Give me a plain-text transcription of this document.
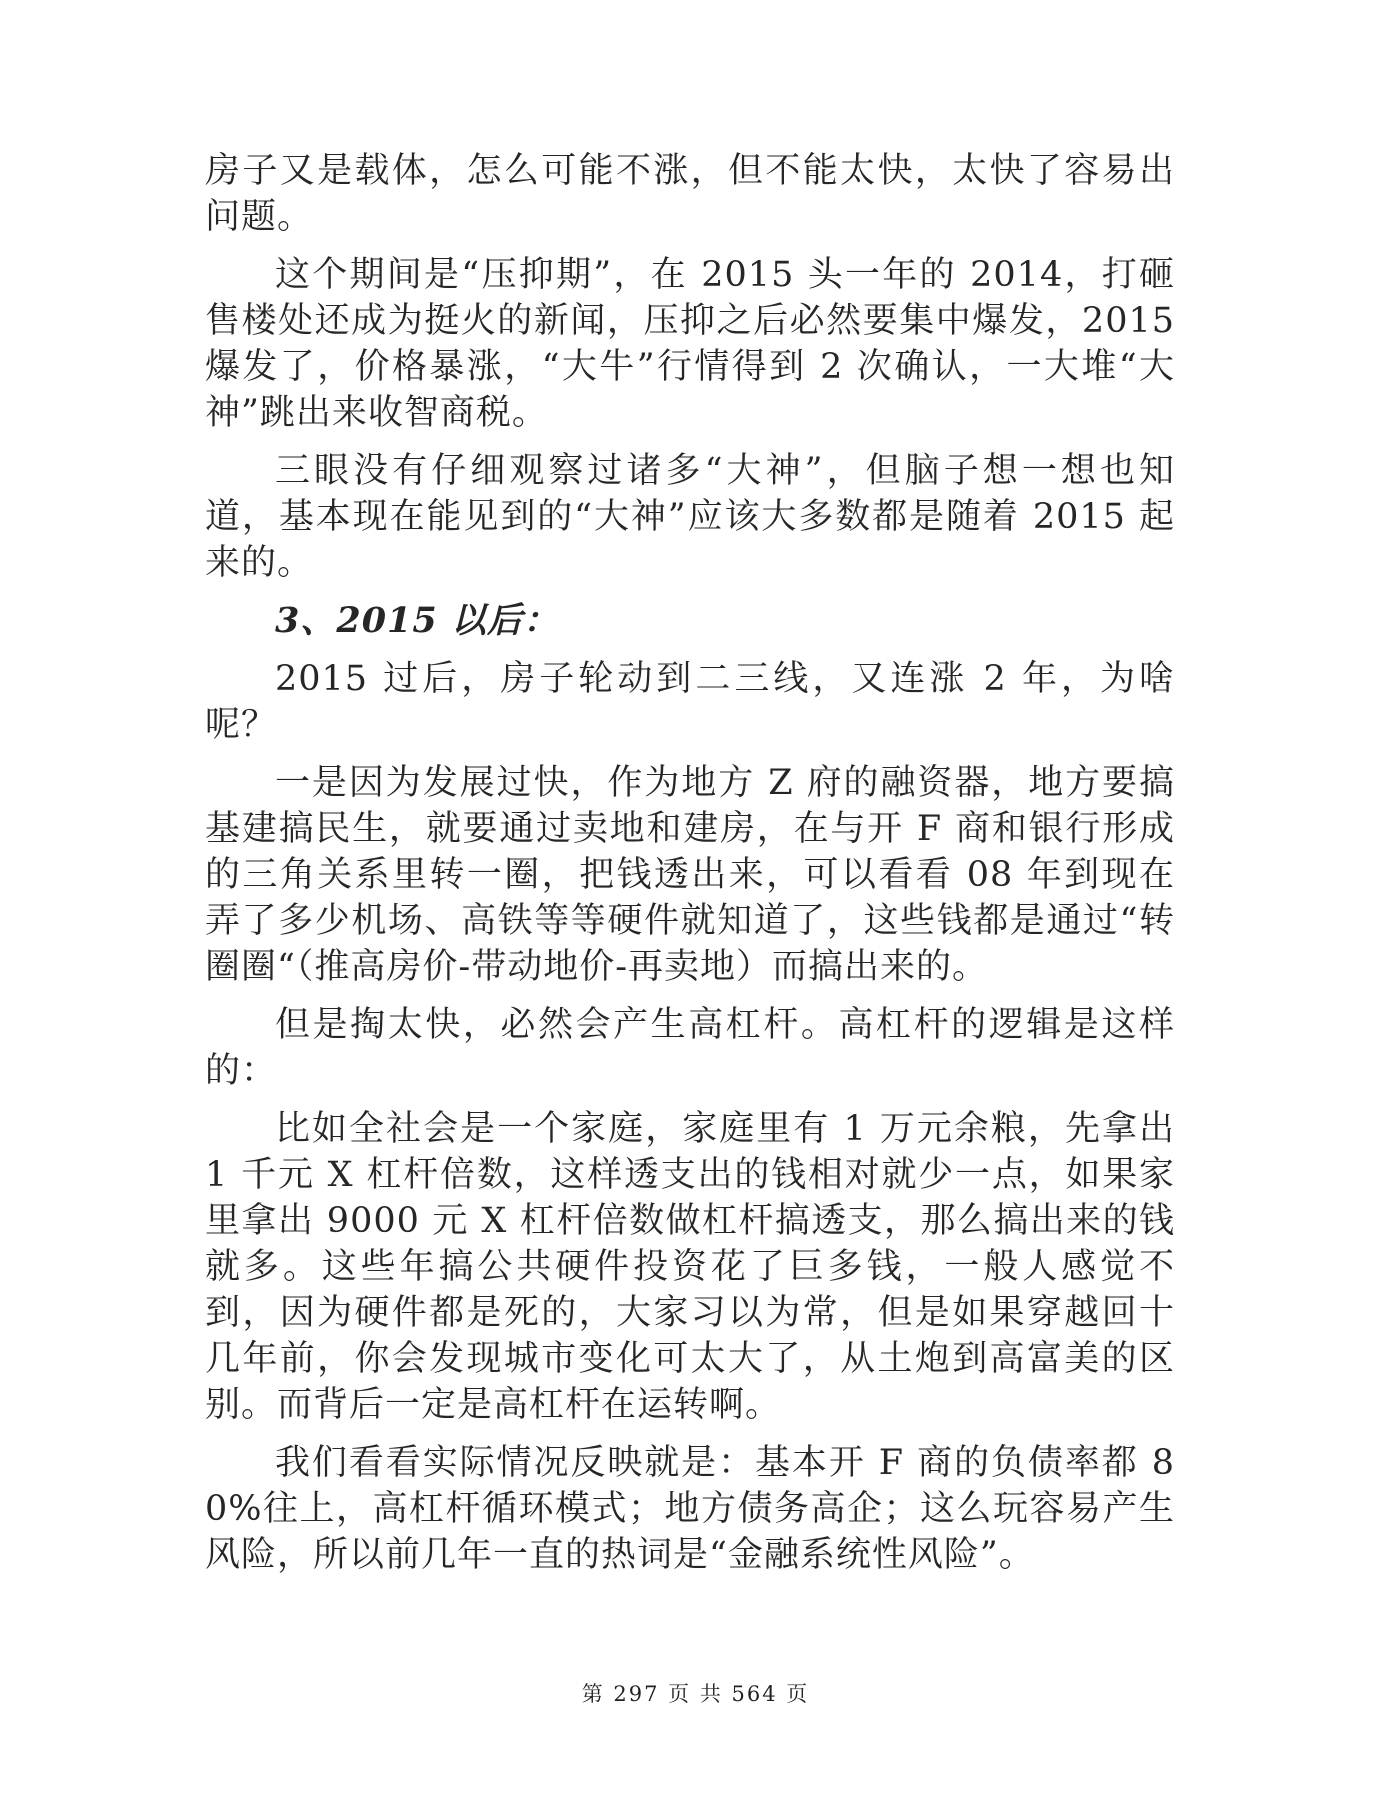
房子又是载体，怎么可能不涨，但不能太快，太快了容易出问题。

这个期间是“压抑期”，在 2015 头一年的 2014，打砸售楼处还成为挺火的新闻，压抑之后必然要集中爆发，2015 爆发了，价格暴涨，“大牛”行情得到 2 次确认，一大堆“大神”跳出来收智商税。

三眼没有仔细观察过诸多“大神”，但脑子想一想也知道，基本现在能见到的“大神”应该大多数都是随着 2015 起来的。

3、2015 以后：

2015 过后，房子轮动到二三线，又连涨 2 年，为啥呢？

一是因为发展过快，作为地方 Z 府的融资器，地方要搞基建搞民生，就要通过卖地和建房，在与开 F 商和银行形成的三角关系里转一圈，把钱透出来，可以看看 08 年到现在弄了多少机场、高铁等等硬件就知道了，这些钱都是通过“转圈圈“（推高房价-带动地价-再卖地）而搞出来的。

但是掏太快，必然会产生高杠杆。高杠杆的逻辑是这样的：

比如全社会是一个家庭，家庭里有 1 万元余粮，先拿出 1 千元 X 杠杆倍数，这样透支出的钱相对就少一点，如果家里拿出 9000 元 X 杠杆倍数做杠杆搞透支，那么搞出来的钱就多。这些年搞公共硬件投资花了巨多钱，一般人感觉不到，因为硬件都是死的，大家习以为常，但是如果穿越回十几年前，你会发现城市变化可太大了，从土炮到高富美的区别。而背后一定是高杠杆在运转啊。

我们看看实际情况反映就是：基本开 F 商的负债率都 80%往上，高杠杆循环模式；地方债务高企；这么玩容易产生风险，所以前几年一直的热词是“金融系统性风险”。

第 297 页 共 564 页
